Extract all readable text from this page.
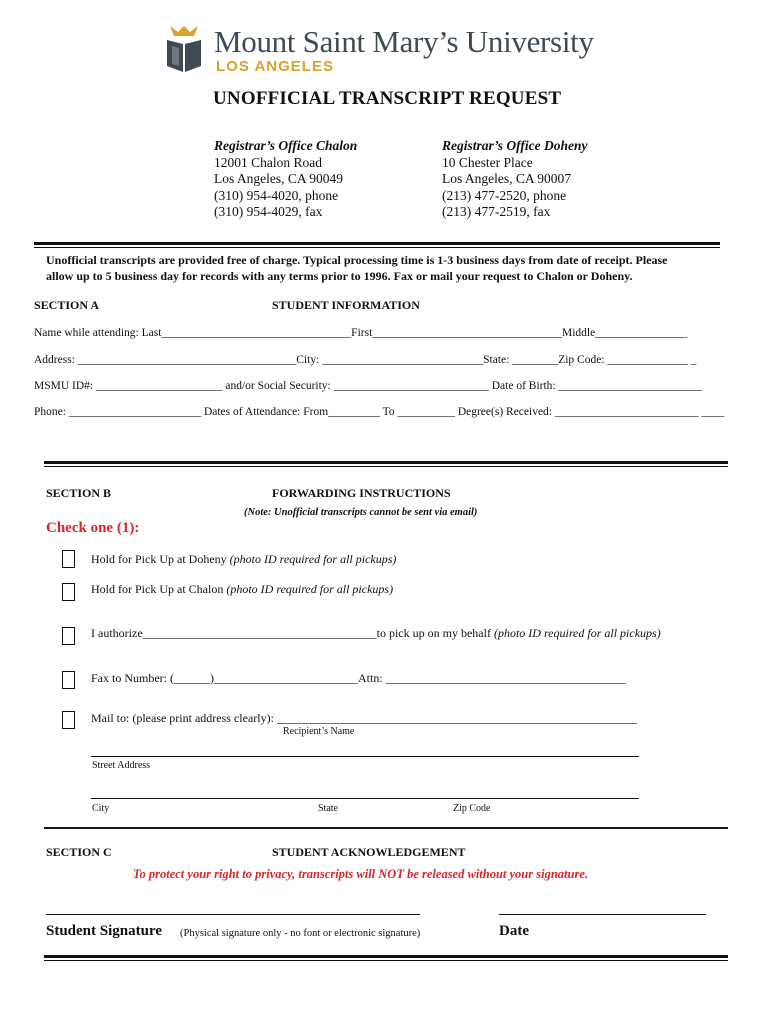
Mount Saint Mary’s University
LOS ANGELES
UNOFFICIAL TRANSCRIPT REQUEST
Registrar’s Office Chalon
12001 Chalon Road
Los Angeles, CA 90049
(310) 954-4020, phone
(310) 954-4029, fax
Registrar’s Office Doheny
10 Chester Place
Los Angeles, CA 90007
(213) 477-2520, phone
(213) 477-2519, fax
Unofficial transcripts are provided free of charge. Typical processing time is 1-3 business days from date of receipt. Please
allow up to 5 business day for records with any terms prior to 1996. Fax or mail your request to Chalon or Doheny.
SECTION A	STUDENT INFORMATION
Name while attending: Last_________________________________First_________________________________Middle________________
Address: ______________________________________City: ____________________________State: ________Zip Code: ______________ _
MSMU ID#: ______________________ and/or Social Security: ___________________________ Date of Birth: _________________________
Phone: _______________________ Dates of Attendance: From_________ To __________ Degree(s) Received: _________________________ ____
SECTION B	FORWARDING INSTRUCTIONS
(Note: Unofficial transcripts cannot be sent via email)
Check one (1):
Hold for Pick Up at Doheny (photo ID required for all pickups)
Hold for Pick Up at Chalon (photo ID required for all pickups)
I authorize_______________________________________to pick up on my behalf (photo ID required for all pickups)
Fax to Number: (______)________________________Attn: ________________________________________
Mail to: (please print address clearly): ____________________________________________________________
Recipient’s Name
Street Address
City	State	Zip Code
SECTION C	STUDENT ACKNOWLEDGEMENT
To protect your right to privacy, transcripts will NOT be released without your signature.
Student Signature (Physical signature only - no font or electronic signature)	Date
